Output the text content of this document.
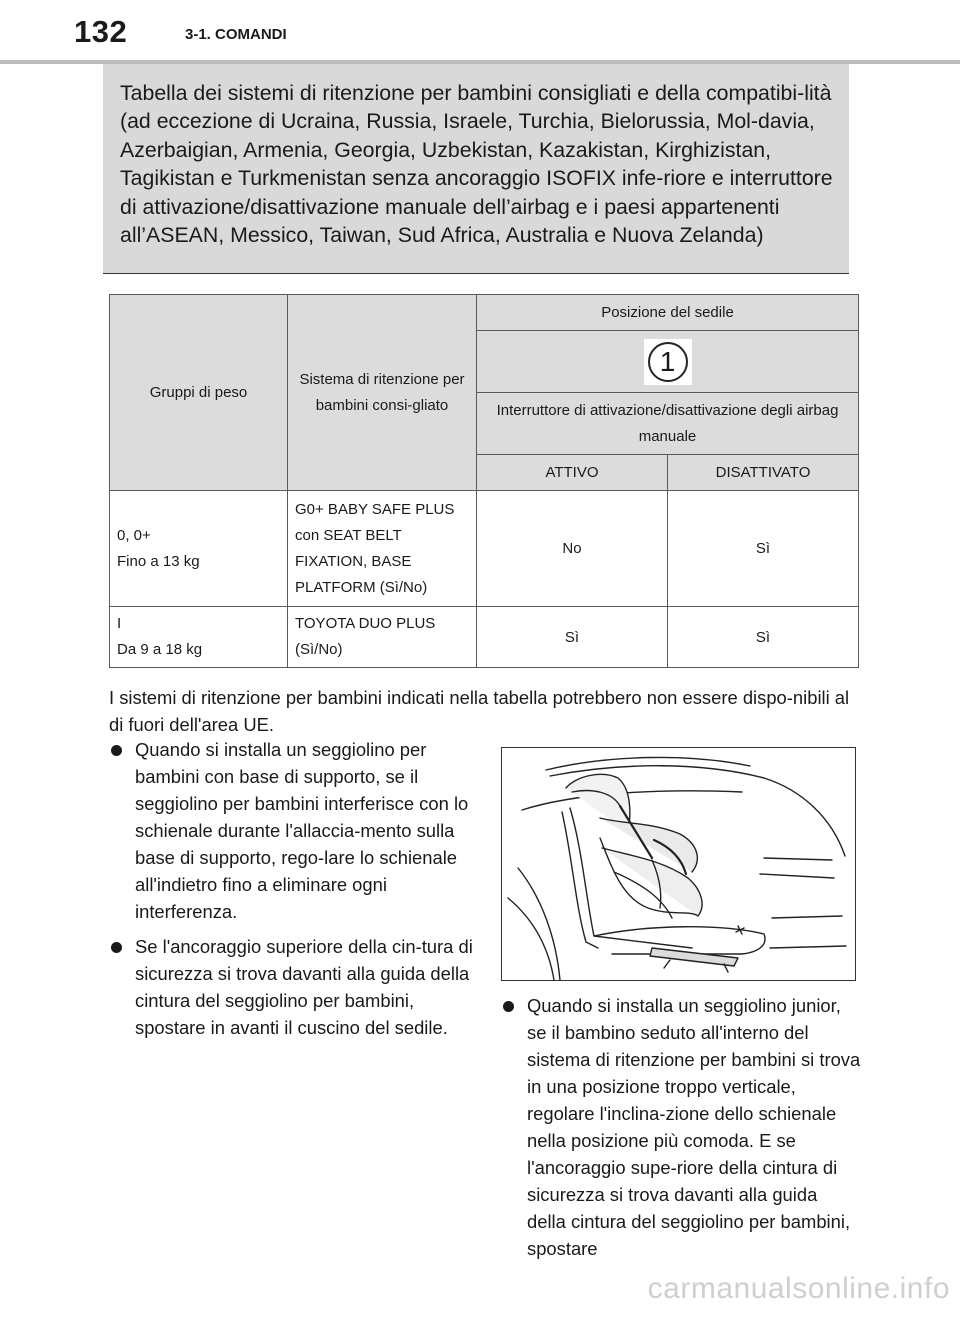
132	3-1. COMANDI
Tabella dei sistemi di ritenzione per bambini consigliati e della compatibi-lità (ad eccezione di Ucraina, Russia, Israele, Turchia, Bielorussia, Mol-davia, Azerbaigian, Armenia, Georgia, Uzbekistan, Kazakistan, Kirghizistan, Tagikistan e Turkmenistan senza ancoraggio ISOFIX infe-riore e interruttore di attivazione/disattivazione manuale dell’airbag e i paesi appartenenti all’ASEAN, Messico, Taiwan, Sud Africa, Australia e Nuova Zelanda)
Gruppi di peso	Sistema di ritenzione per bambini consi-gliato	Posizione del sedile	
		1	
		Interruttore di attivazione/disattivazione degli airbag manuale	
		ATTIVO	DISATTIVATO

0, 0+
Fino a 13 kg	G0+ BABY SAFE PLUS con SEAT BELT FIXATION, BASE PLATFORM (Sì/No)	No	Sì

I
Da 9 a 18 kg	TOYOTA DUO PLUS (Sì/No)	Sì	Sì
I sistemi di ritenzione per bambini indicati nella tabella potrebbero non essere dispo-nibili al di fuori dell'area UE.
Quando si installa un seggiolino per bambini con base di supporto, se il seggiolino per bambini interferisce con lo schienale durante l'allaccia-mento sulla base di supporto, rego-lare lo schienale all'indietro fino a eliminare ogni interferenza.
Se l'ancoraggio superiore della cin-tura di sicurezza si trova davanti alla guida della cintura del seggiolino per bambini, spostare in avanti il cuscino del sedile.
Quando si installa un seggiolino junior, se il bambino seduto all'interno del sistema di ritenzione per bambini si trova in una posizione troppo verticale, regolare l'inclina-zione dello schienale nella posizione più comoda. E se l'ancoraggio supe-riore della cintura di sicurezza si trova davanti alla guida della cintura del seggiolino per bambini, spostare
carmanualsonline.info
